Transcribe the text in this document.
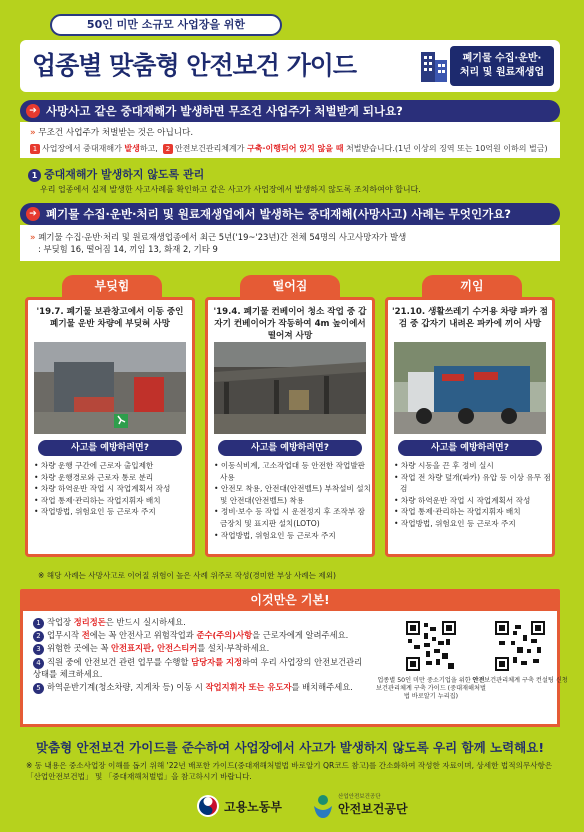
50인 미만 소규모 사업장을 위한
업종별 맞춤형 안전보건 가이드	폐기물 수집·운반·
처리 및 원료재생업
➔ 사망사고 같은 중대재해가 발생하면 무조건 사업주가 처벌받게 되나요?
» 무조건 사업주가 처벌받는 것은 아닙니다.
1 사업장에서 중대재해가 발생하고, 2 안전보건관리체계가 구축·이행되어 있지 않을 때 처벌받습니다.(1년 이상의 징역 또는 10억원 이하의 벌금)
1 중대재해가 발생하지 않도록 관리
우리 업종에서 실제 발생한 사고사례를 확인하고 같은 사고가 사업장에서 발생하지 않도록 조치하여야 합니다.
➔ 폐기물 수집·운반·처리 및 원료재생업에서 발생하는 중대재해(사망사고) 사례는 무엇인가요?
» 폐기물 수집·운반·처리 및 원료재생업종에서 최근 5년('19~'23년)간 전체 54명의 사고사망자가 발생
: 부딪힘 16, 떨어짐 14, 끼임 13, 화재 2, 기타 9
부딪힘	떨어짐	끼임
'19.7. 폐기물 보관창고에서 이동 중인 폐기물 운반 차량에 부딪혀 사망
사고를 예방하려면?
• 차량 운행 구간에 근로자 출입제한
• 차량 운행경로와 근로자 통로 분리
• 차량 하역운반 작업 시 작업계획서 작성
• 작업 통제·관리하는 작업지휘자 배치
• 작업방법, 위험요인 등 근로자 주지
'19.4. 폐기물 컨베이어 청소 작업 중 갑자기 컨베이어가 작동하여 4m 높이에서 떨어져 사망
사고를 예방하려면?
• 이동식비계, 고소작업대 등 안전한 작업발판 사용
• 안전모 착용, 안전대(안전벨트) 부착설비 설치 및 안전대(안전벨트) 착용
• 정비·보수 등 작업 시 운전정지 후 조작부 잠금장치 및 표지판 설치(LOTO)
• 작업방법, 위험요인 등 근로자 주지
'21.10. 생활쓰레기 수거용 차량 파카 점검 중 갑자기 내려온 파카에 끼어 사망
사고를 예방하려면?
• 차량 시동을 끈 후 정비 실시
• 작업 전 차량 덮개(파카) 유압 등 이상 유무 점검
• 차량 하역운반 작업 시 작업계획서 작성
• 작업 통제·관리하는 작업지휘자 배치
• 작업방법, 위험요인 등 근로자 주지
※ 해당 사례는 사망사고로 이어질 위험이 높은 사례 위주로 작성(경미한 부상 사례는 제외)
이것만은 기본!
1 작업장 정리정돈은 반드시 실시하세요.
2 업무시작 전에는 꼭 안전사고 위험작업과 준수(주의)사항을 근로자에게 알려주세요.
3 위험한 곳에는 꼭 안전표지판, 안전스티커를 설치·부착하세요.
4 직원 중에 안전보건 관련 업무를 수행할 담당자를 지정하여 우리 사업장의 안전보건관리 상태를 체크하세요.
5 하역운반기계(청소차량, 지게차 등) 이동 시 작업지휘자 또는 유도자를 배치해주세요.
업종별 50인 미만 중소기업을 위한 안전보건관리체계 구축 가이드 (중대재해처벌법 바로알기 누리집)
안전보건관리체계 구축 컨설팅 신청
맞춤형 안전보건 가이드를 준수하여 사업장에서 사고가 발생하지 않도록 우리 함께 노력해요!
※ 동 내용은 중소사업장 이해를 돕기 위해 '22년 배포한 가이드(중대재해처벌법 바로알기 QR코드 참고)를 간소화하여 작성한 자료이며, 상세한 법적의무사항은 「산업안전보건법」 및 「중대재해처벌법」을 참고하시기 바랍니다.
고용노동부
산업안전보건공단
안전보건공단
